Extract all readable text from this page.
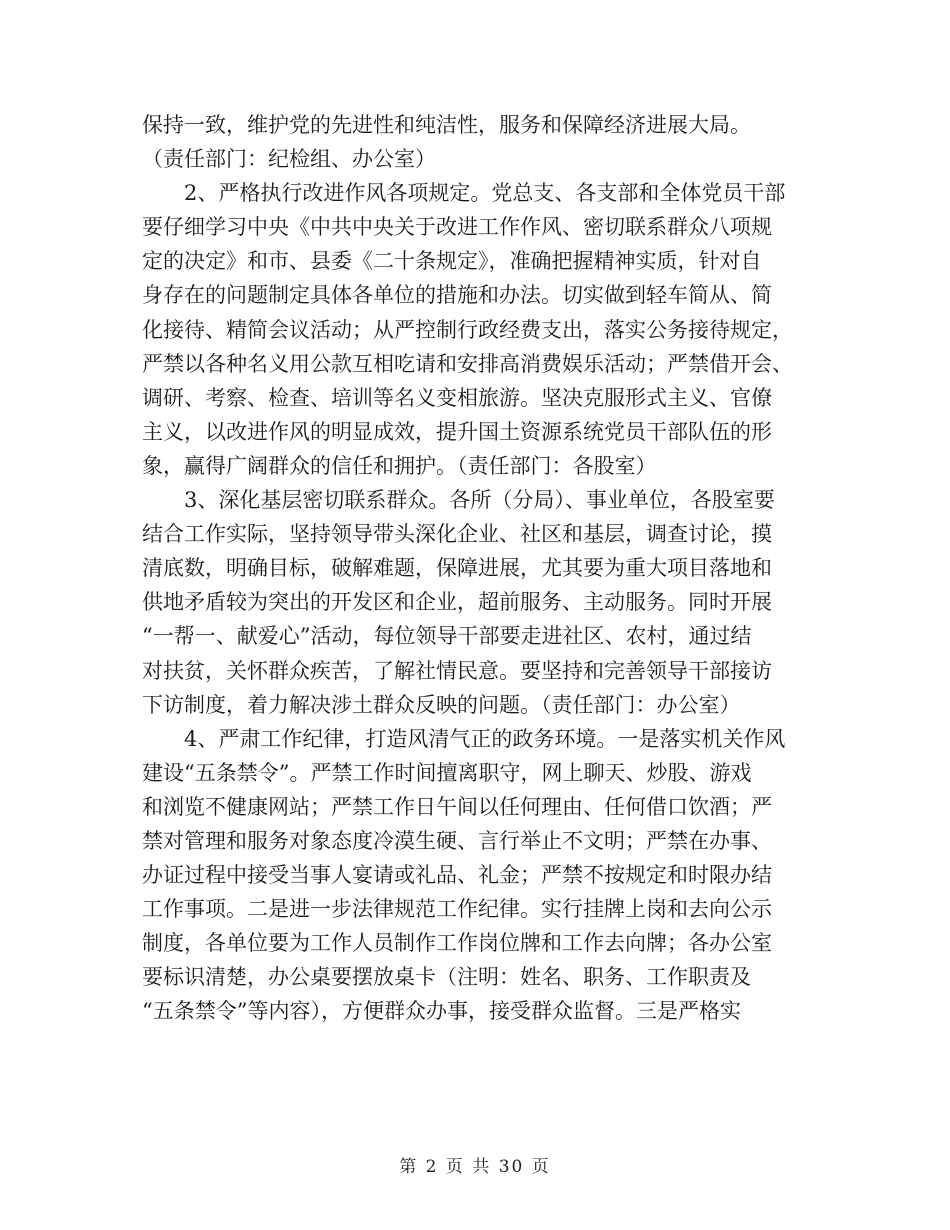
保持一致，维护党的先进性和纯洁性，服务和保障经济进展大局。

（责任部门：纪检组、办公室）

2、严格执行改进作风各项规定。党总支、各支部和全体党员干部

要仔细学习中央《中共中央关于改进工作作风、密切联系群众八项规

定的决定》和市、县委《二十条规定》，准确把握精神实质，针对自

身存在的问题制定具体各单位的措施和办法。切实做到轻车简从、简

化接待、精简会议活动；从严控制行政经费支出，落实公务接待规定，

严禁以各种名义用公款互相吃请和安排高消费娱乐活动；严禁借开会、

调研、考察、检查、培训等名义变相旅游。坚决克服形式主义、官僚

主义，以改进作风的明显成效，提升国土资源系统党员干部队伍的形

象，赢得广阔群众的信任和拥护。（责任部门：各股室）

3、深化基层密切联系群众。各所（分局）、事业单位，各股室要

结合工作实际，坚持领导带头深化企业、社区和基层，调查讨论，摸

清底数，明确目标，破解难题，保障进展，尤其要为重大项目落地和

供地矛盾较为突出的开发区和企业，超前服务、主动服务。同时开展

“一帮一、献爱心”活动，每位领导干部要走进社区、农村，通过结

对扶贫，关怀群众疾苦，了解社情民意。要坚持和完善领导干部接访

下访制度，着力解决涉土群众反映的问题。（责任部门：办公室）

4、严肃工作纪律，打造风清气正的政务环境。一是落实机关作风

建设“五条禁令”。严禁工作时间擅离职守，网上聊天、炒股、游戏

和浏览不健康网站；严禁工作日午间以任何理由、任何借口饮酒；严

禁对管理和服务对象态度冷漠生硬、言行举止不文明；严禁在办事、

办证过程中接受当事人宴请或礼品、礼金；严禁不按规定和时限办结

工作事项。二是进一步法律规范工作纪律。实行挂牌上岗和去向公示

制度，各单位要为工作人员制作工作岗位牌和工作去向牌；各办公室

要标识清楚，办公桌要摆放桌卡（注明：姓名、职务、工作职责及

“五条禁令”等内容），方便群众办事，接受群众监督。三是严格实

第 2 页 共 30 页
